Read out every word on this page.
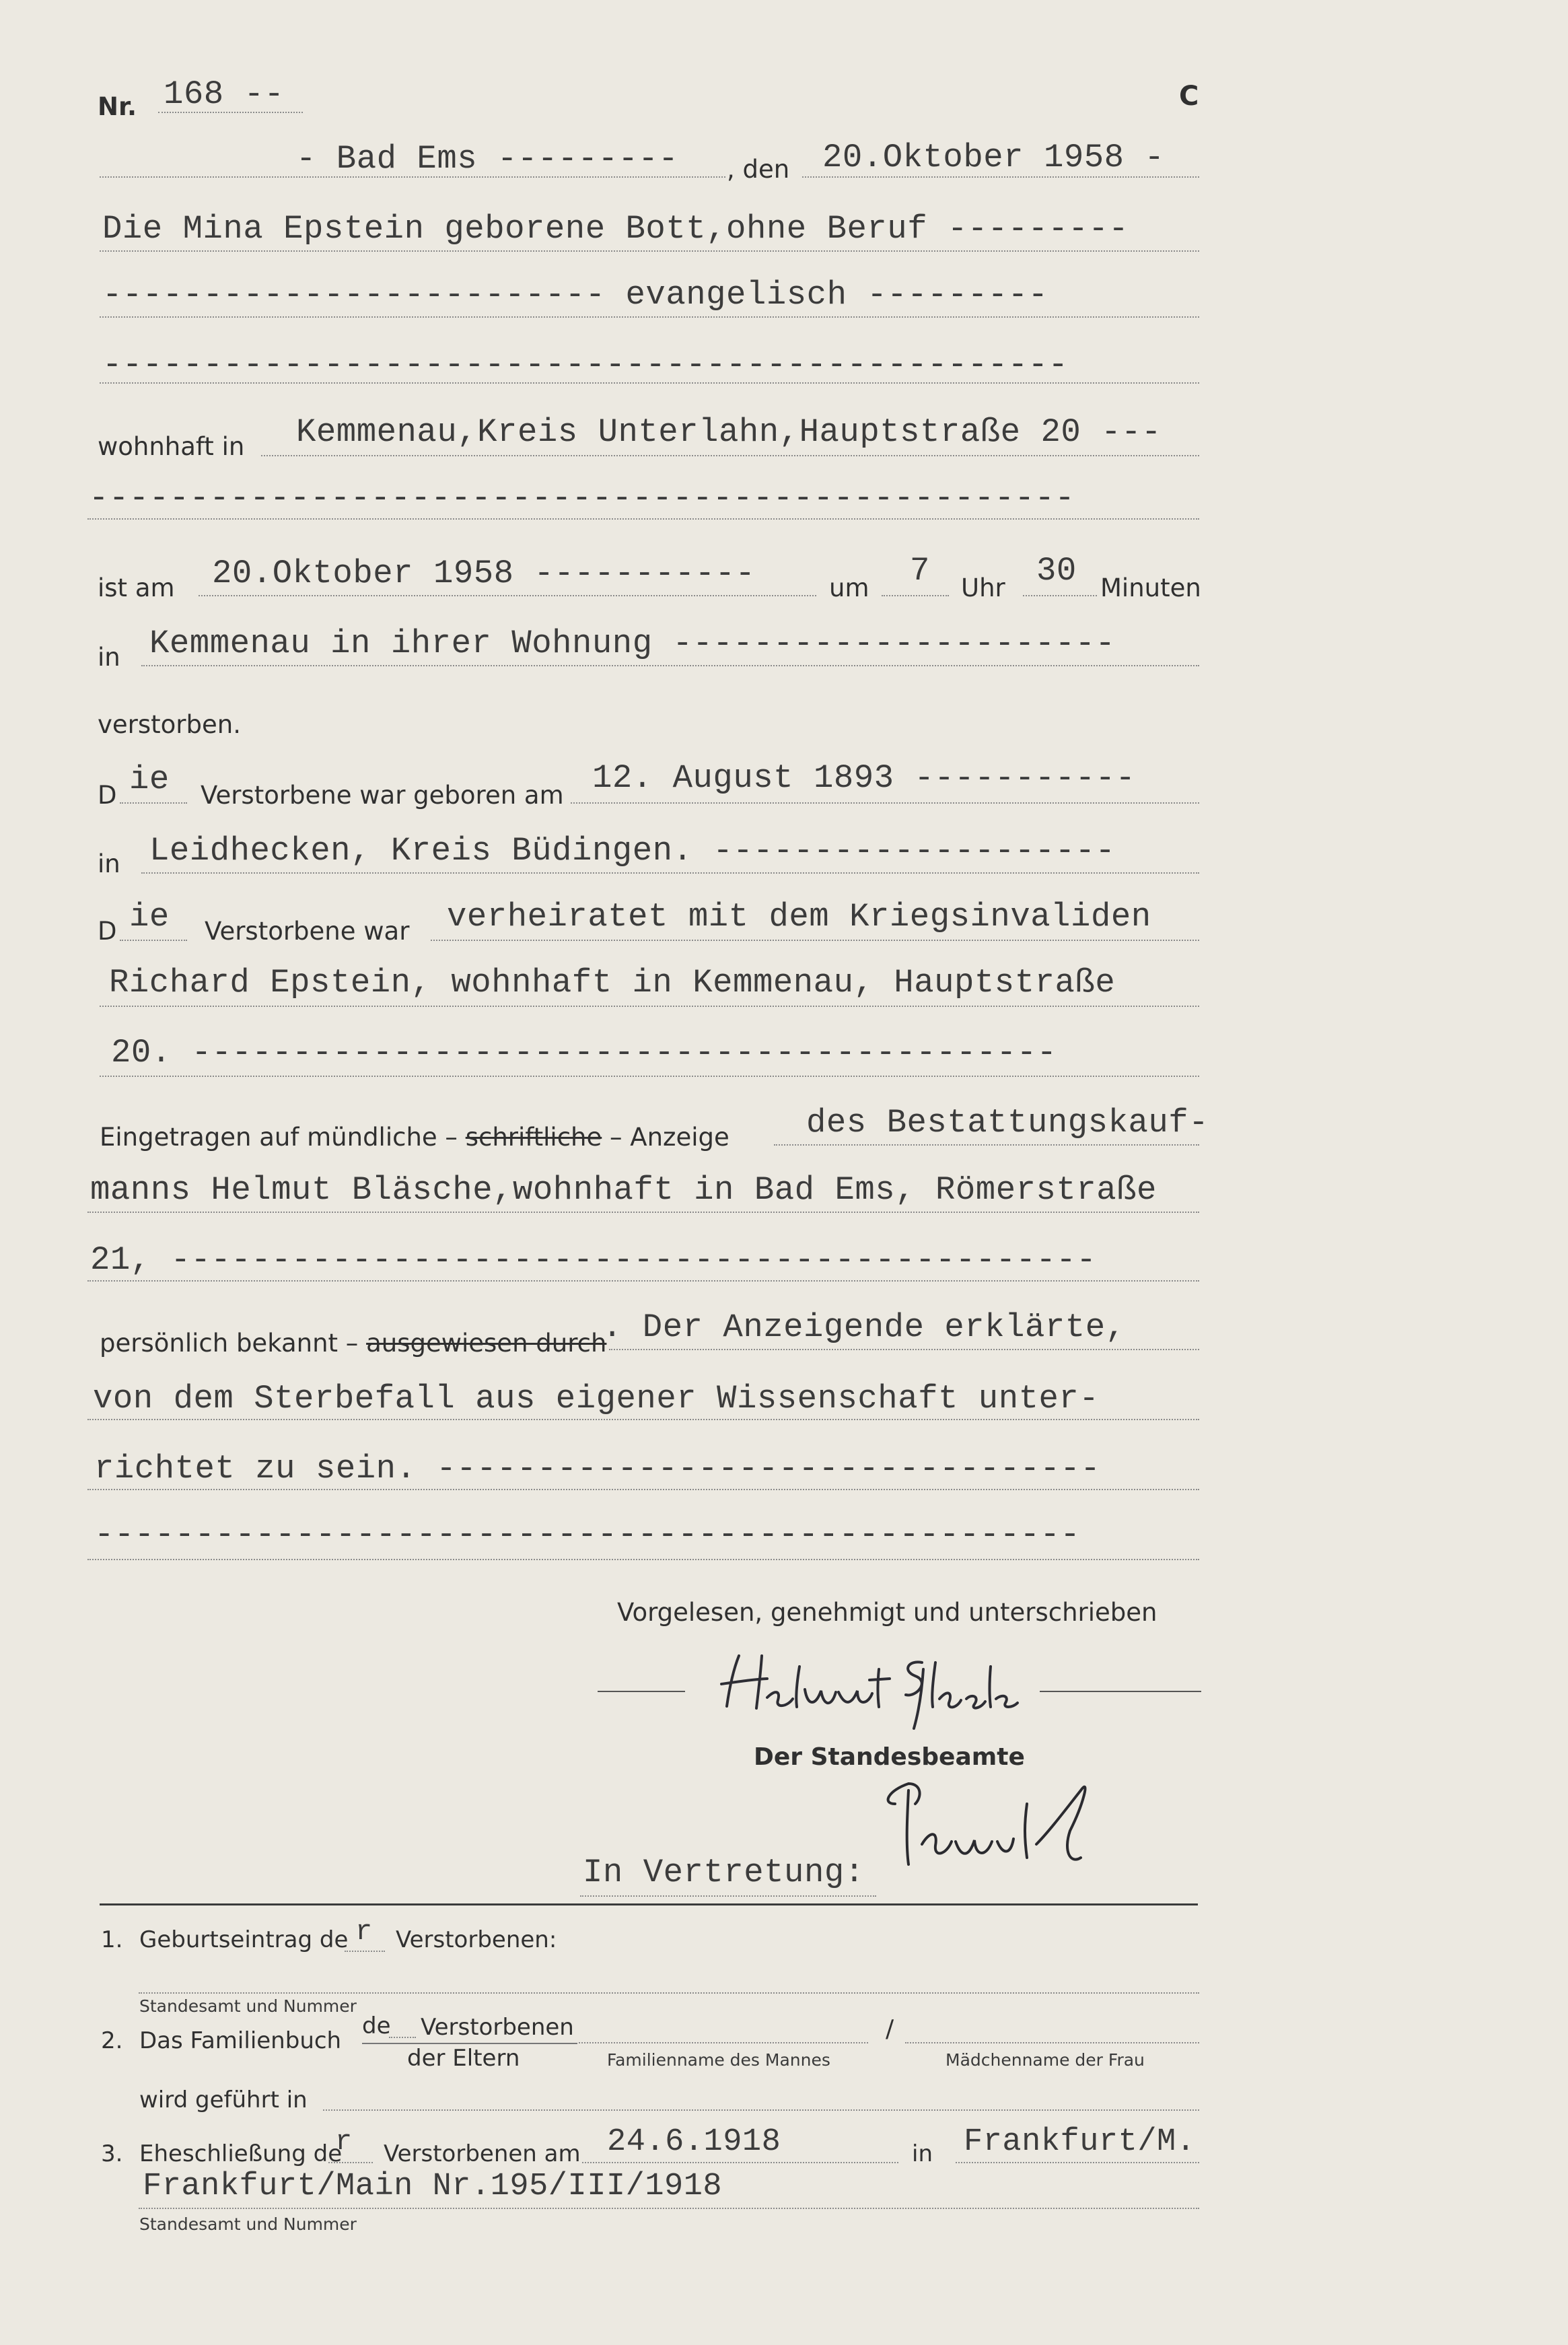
Nr. 168 --	C
- Bad Ems --------- , den 20.Oktober 1958 -
Die Mina Epstein geborene Bott,ohne Beruf ---------
------------------------- evangelisch ---------
------------------------------------------------
wohnhaft in Kemmenau,Kreis Unterlahn,Hauptstraße 20 ---
-------------------------------------------------
ist am 20.Oktober 1958 -----------	um 7 Uhr 30 Minuten
in Kemmenau in ihrer Wohnung ----------------------
verstorben.
D ie Verstorbene war geboren am 12. August 1893 -----------
in Leidhecken, Kreis Büdingen. --------------------
D ie Verstorbene war verheiratet mit dem Kriegsinvaliden
Richard Epstein, wohnhaft in Kemmenau, Hauptstraße
20. -------------------------------------------
Eingetragen auf mündliche – schriftliche – Anzeige des Bestattungskauf-
manns Helmut Bläsche,wohnhaft in Bad Ems, Römerstraße
21, ----------------------------------------------
persönlich bekannt – ausgewiesen durch
. Der Anzeigende erklärte,
von dem Sterbefall aus eigener Wissenschaft unter-
richtet zu sein. ---------------------------------
-------------------------------------------------
Vorgelesen, genehmigt und unterschrieben
Der Standesbeamte
In Vertretung:
1. Geburtseintrag de r Verstorbenen:
Standesamt und Nummer
2. Das Familienbuch
de Verstorbenen
der Eltern	Familienname des Mannes
/
Mädchenname der Frau
wird geführt in
3. Eheschließung de
r Verstorbenen am 24.6.1918	in Frankfurt/M.
Frankfurt/Main Nr.195/III/1918
Standesamt und Nummer
